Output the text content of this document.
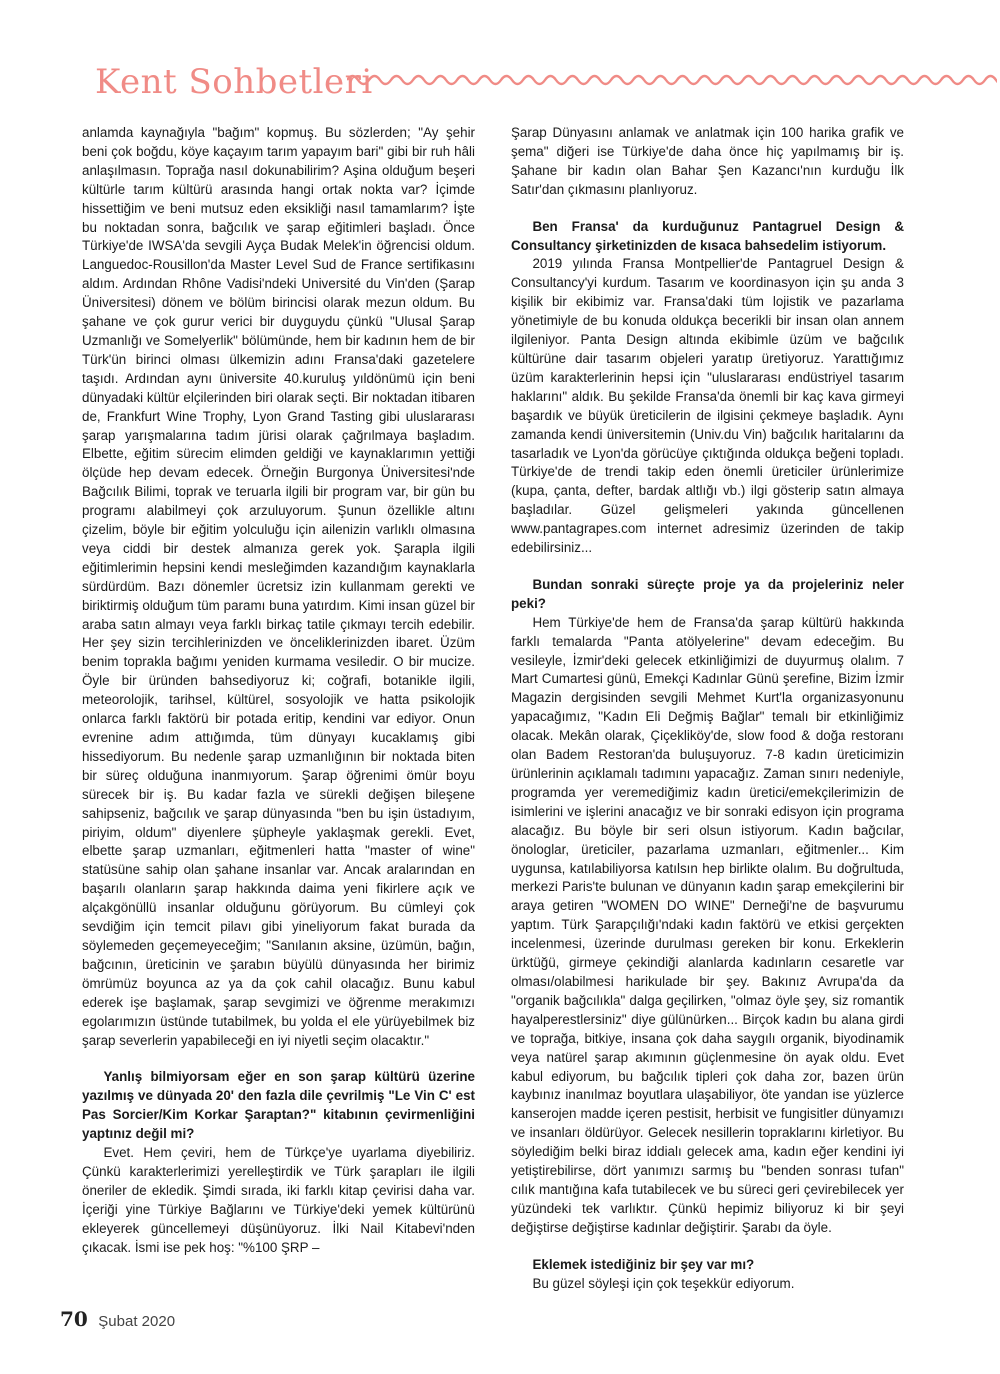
Kent Sohbetleri

anlamda kaynağıyla "bağım" kopmuş. Bu sözlerden; "Ay şehir beni çok boğdu, köye kaçayım tarım yapayım bari" gibi bir ruh hâli anlaşılmasın. Toprağa nasıl dokunabilirim? Aşina olduğum beşeri kültürle tarım kültürü arasında hangi ortak nokta var? İçimde hissettiğim ve beni mutsuz eden eksikliği nasıl tamamlarım? İşte bu noktadan sonra, bağcılık ve şarap eğitimleri başladı. Önce Türkiye'de IWSA'da sevgili Ayça Budak Melek'in öğrencisi oldum. Languedoc-Rousillon'da Master Level Sud de France sertifikasını aldım. Ardından Rhône Vadisi'ndeki Université du Vin'den (Şarap Üniversitesi) dönem ve bölüm birincisi olarak mezun oldum. Bu şahane ve çok gurur verici bir duyguydu çünkü "Ulusal Şarap Uzmanlığı ve Somelyerlik" bölümünde, hem bir kadının hem de bir Türk'ün birinci olması ülkemizin adını Fransa'daki gazetelere taşıdı. Ardından aynı üniversite 40.kuruluş yıldönümü için beni dünyadaki kültür elçilerinden biri olarak seçti. Bir noktadan itibaren de, Frankfurt Wine Trophy, Lyon Grand Tasting gibi uluslararası şarap yarışmalarına tadım jürisi olarak çağrılmaya başladım. Elbette, eğitim sürecim elimden geldiği ve kaynaklarımın yettiği ölçüde hep devam edecek. Örneğin Burgonya Üniversitesi'nde Bağcılık Bilimi, toprak ve teruarla ilgili bir program var, bir gün bu programı alabilmeyi çok arzuluyorum. Şunun özellikle altını çizelim, böyle bir eğitim yolculuğu için ailenizin varlıklı olmasına veya ciddi bir destek almanıza gerek yok. Şarapla ilgili eğitimlerimin hepsini kendi mesleğimden kazandığım kaynaklarla sürdürdüm. Bazı dönemler ücretsiz izin kullanmam gerekti ve biriktirmiş olduğum tüm paramı buna yatırdım. Kimi insan güzel bir araba satın almayı veya farklı birkaç tatile çıkmayı tercih edebilir. Her şey sizin tercihlerinizden ve önceliklerinizden ibaret. Üzüm benim toprakla bağımı yeniden kurmama vesiledir. O bir mucize. Öyle bir üründen bahsediyoruz ki; coğrafi, botanikle ilgili, meteorolojik, tarihsel, kültürel, sosyolojik ve hatta psikolojik onlarca farklı faktörü bir potada eritip, kendini var ediyor. Onun evrenine adım attığımda, tüm dünyayı kucaklamış gibi hissediyorum. Bu nedenle şarap uzmanlığının bir noktada biten bir süreç olduğuna inanmıyorum. Şarap öğrenimi ömür boyu sürecek bir iş. Bu kadar fazla ve sürekli değişen bileşene sahipseniz, bağcılık ve şarap dünyasında "ben bu işin üstadıyım, piriyim, oldum" diyenlere şüpheyle yaklaşmak gerekli. Evet, elbette şarap uzmanları, eğitmenleri hatta "master of wine" statüsüne sahip olan şahane insanlar var. Ancak aralarından en başarılı olanların şarap hakkında daima yeni fikirlere açık ve alçakgönüllü insanlar olduğunu görüyorum. Bu cümleyi çok sevdiğim için temcit pilavı gibi yineliyorum fakat burada da söylemeden geçemeyeceğim; "Sanılanın aksine, üzümün, bağın, bağcının, üreticinin ve şarabın büyülü dünyasında her birimiz ömrümüz boyunca az ya da çok cahil olacağız. Bunu kabul ederek işe başlamak, şarap sevgimizi ve öğrenme merakımızı egolarımızın üstünde tutabilmek, bu yolda el ele yürüyebilmek biz şarap severlerin yapabileceği en iyi niyetli seçim olacaktır."

Yanlış bilmiyorsam eğer en son şarap kültürü üzerine yazılmış ve dünyada 20' den fazla dile çevrilmiş "Le Vin C' est Pas Sorcier/Kim Korkar Şaraptan?" kitabının çevirmenliğini yaptınız değil mi?

Evet. Hem çeviri, hem de Türkçe'ye uyarlama diyebiliriz. Çünkü karakterlerimizi yerelleştirdik ve Türk şarapları ile ilgili öneriler de ekledik. Şimdi sırada, iki farklı kitap çevirisi daha var. İçeriği yine Türkiye Bağlarını ve Türkiye'deki yemek kültürünü ekleyerek güncellemeyi düşünüyoruz. İlki Nail Kitabevi'nden çıkacak. İsmi ise pek hoş: "%100 ŞRP –

Şarap Dünyasını anlamak ve anlatmak için 100 harika grafik ve şema" diğeri ise Türkiye'de daha önce hiç yapılmamış bir iş. Şahane bir kadın olan Bahar Şen Kazancı'nın kurduğu İlk Satır'dan çıkmasını planlıyoruz.

Ben Fransa' da kurduğunuz Pantagruel Design & Consultancy şirketinizden de kısaca bahsedelim istiyorum.

2019 yılında Fransa Montpellier'de Pantagruel Design & Consultancy'yi kurdum. Tasarım ve koordinasyon için şu anda 3 kişilik bir ekibimiz var. Fransa'daki tüm lojistik ve pazarlama yönetimiyle de bu konuda oldukça becerikli bir insan olan annem ilgileniyor. Panta Design altında ekibimle üzüm ve bağcılık kültürüne dair tasarım objeleri yaratıp üretiyoruz. Yarattığımız üzüm karakterlerinin hepsi için "uluslararası endüstriyel tasarım haklarını" aldık. Bu şekilde Fransa'da önemli bir kaç kava girmeyi başardık ve büyük üreticilerin de ilgisini çekmeye başladık. Aynı zamanda kendi üniversitemin (Univ.du Vin) bağcılık haritalarını da tasarladık ve Lyon'da görücüye çıktığında oldukça beğeni topladı. Türkiye'de de trendi takip eden önemli üreticiler ürünlerimize (kupa, çanta, defter, bardak altlığı vb.) ilgi gösterip satın almaya başladılar. Güzel gelişmeleri yakında güncellenen www.pantagrapes.com internet adresimiz üzerinden de takip edebilirsiniz...

Bundan sonraki süreçte proje ya da projeleriniz neler peki?

Hem Türkiye'de hem de Fransa'da şarap kültürü hakkında farklı temalarda "Panta atölyelerine" devam edeceğim. Bu vesileyle, İzmir'deki gelecek etkinliğimizi de duyurmuş olalım. 7 Mart Cumartesi günü, Emekçi Kadınlar Günü şerefine, Bizim İzmir Magazin dergisinden sevgili Mehmet Kurt'la organizasyonunu yapacağımız, "Kadın Eli Değmiş Bağlar" temalı bir etkinliğimiz olacak. Mekân olarak, Çiçekliköy'de, slow food & doğa restoranı olan Badem Restoran'da buluşuyoruz. 7-8 kadın üreticimizin ürünlerinin açıklamalı tadımını yapacağız. Zaman sınırı nedeniyle, programda yer veremediğimiz kadın üretici/emekçilerimizin de isimlerini ve işlerini anacağız ve bir sonraki edisyon için programa alacağız. Bu böyle bir seri olsun istiyorum. Kadın bağcılar, önologlar, üreticiler, pazarlama uzmanları, eğitmenler... Kim uygunsa, katılabiliyorsa katılsın hep birlikte olalım. Bu doğrultuda, merkezi Paris'te bulunan ve dünyanın kadın şarap emekçilerini bir araya getiren "WOMEN DO WINE" Derneği'ne de başvurumu yaptım. Türk Şarapçılığı'ndaki kadın faktörü ve etkisi gerçekten incelenmesi, üzerinde durulması gereken bir konu. Erkeklerin ürktüğü, girmeye çekindiği alanlarda kadınların cesaretle var olması/olabilmesi harikulade bir şey. Bakınız Avrupa'da da "organik bağcılıkla" dalga geçilirken, "olmaz öyle şey, siz romantik hayalperestlersiniz" diye gülünürken... Birçok kadın bu alana girdi ve toprağa, bitkiye, insana çok daha saygılı organik, biyodinamik veya natürel şarap akımının güçlenmesine ön ayak oldu. Evet kabul ediyorum, bu bağcılık tipleri çok daha zor, bazen ürün kaybınız inanılmaz boyutlara ulaşabiliyor, öte yandan ise yüzlerce kanserojen madde içeren pestisit, herbisit ve fungisitler dünyamızı ve insanları öldürüyor. Gelecek nesillerin topraklarını kirletiyor. Bu söylediğim belki biraz iddialı gelecek ama, kadın eğer kendini iyi yetiştirebilirse, dört yanımızı sarmış bu "benden sonrası tufan" cılık mantığına kafa tutabilecek ve bu süreci geri çevirebilecek yer yüzündeki tek varlıktır. Çünkü hepimiz biliyoruz ki bir şeyi değiştirse değiştirse kadınlar değiştirir. Şarabı da öyle.

Eklemek istediğiniz bir şey var mı?

Bu güzel söyleşi için çok teşekkür ediyorum.

70 Şubat 2020
